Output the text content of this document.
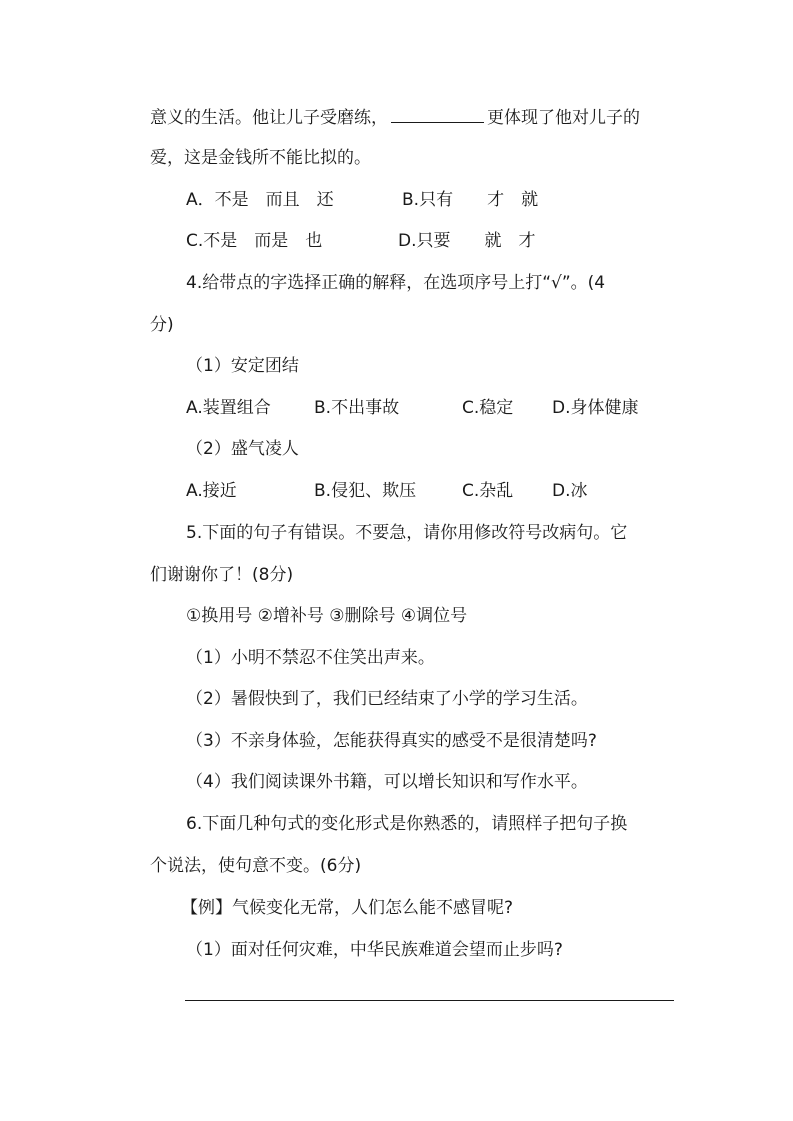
意义的生活。他让儿子受磨练，	更体现了他对儿子的
爱，这是金钱所不能比拟的。
A．不是　而且　还	B.只有　　才　就
C.不是　而是　也	D.只要　　就　才
4.给带点的字选择正确的解释，在选项序号上打“√”。(4
分)
（1）安定团结
A.装置组合	B.不出事故	C.稳定 D.身体健康
（2）盛气凌人
A.接近	B.侵犯、欺压	C.杂乱 D.冰
5.下面的句子有错误。不要急，请你用修改符号改病句。它
们谢谢你了！(8分)
①换用号 ②增补号 ③删除号 ④调位号
（1）小明不禁忍不住笑出声来。
（2）暑假快到了，我们已经结束了小学的学习生活。
（3）不亲身体验，怎能获得真实的感受不是很清楚吗?
（4）我们阅读课外书籍，可以增长知识和写作水平。
6.下面几种句式的变化形式是你熟悉的，请照样子把句子换
个说法，使句意不变。(6分)
【例】气候变化无常，人们怎么能不感冒呢?
（1）面对任何灾难，中华民族难道会望而止步吗?
